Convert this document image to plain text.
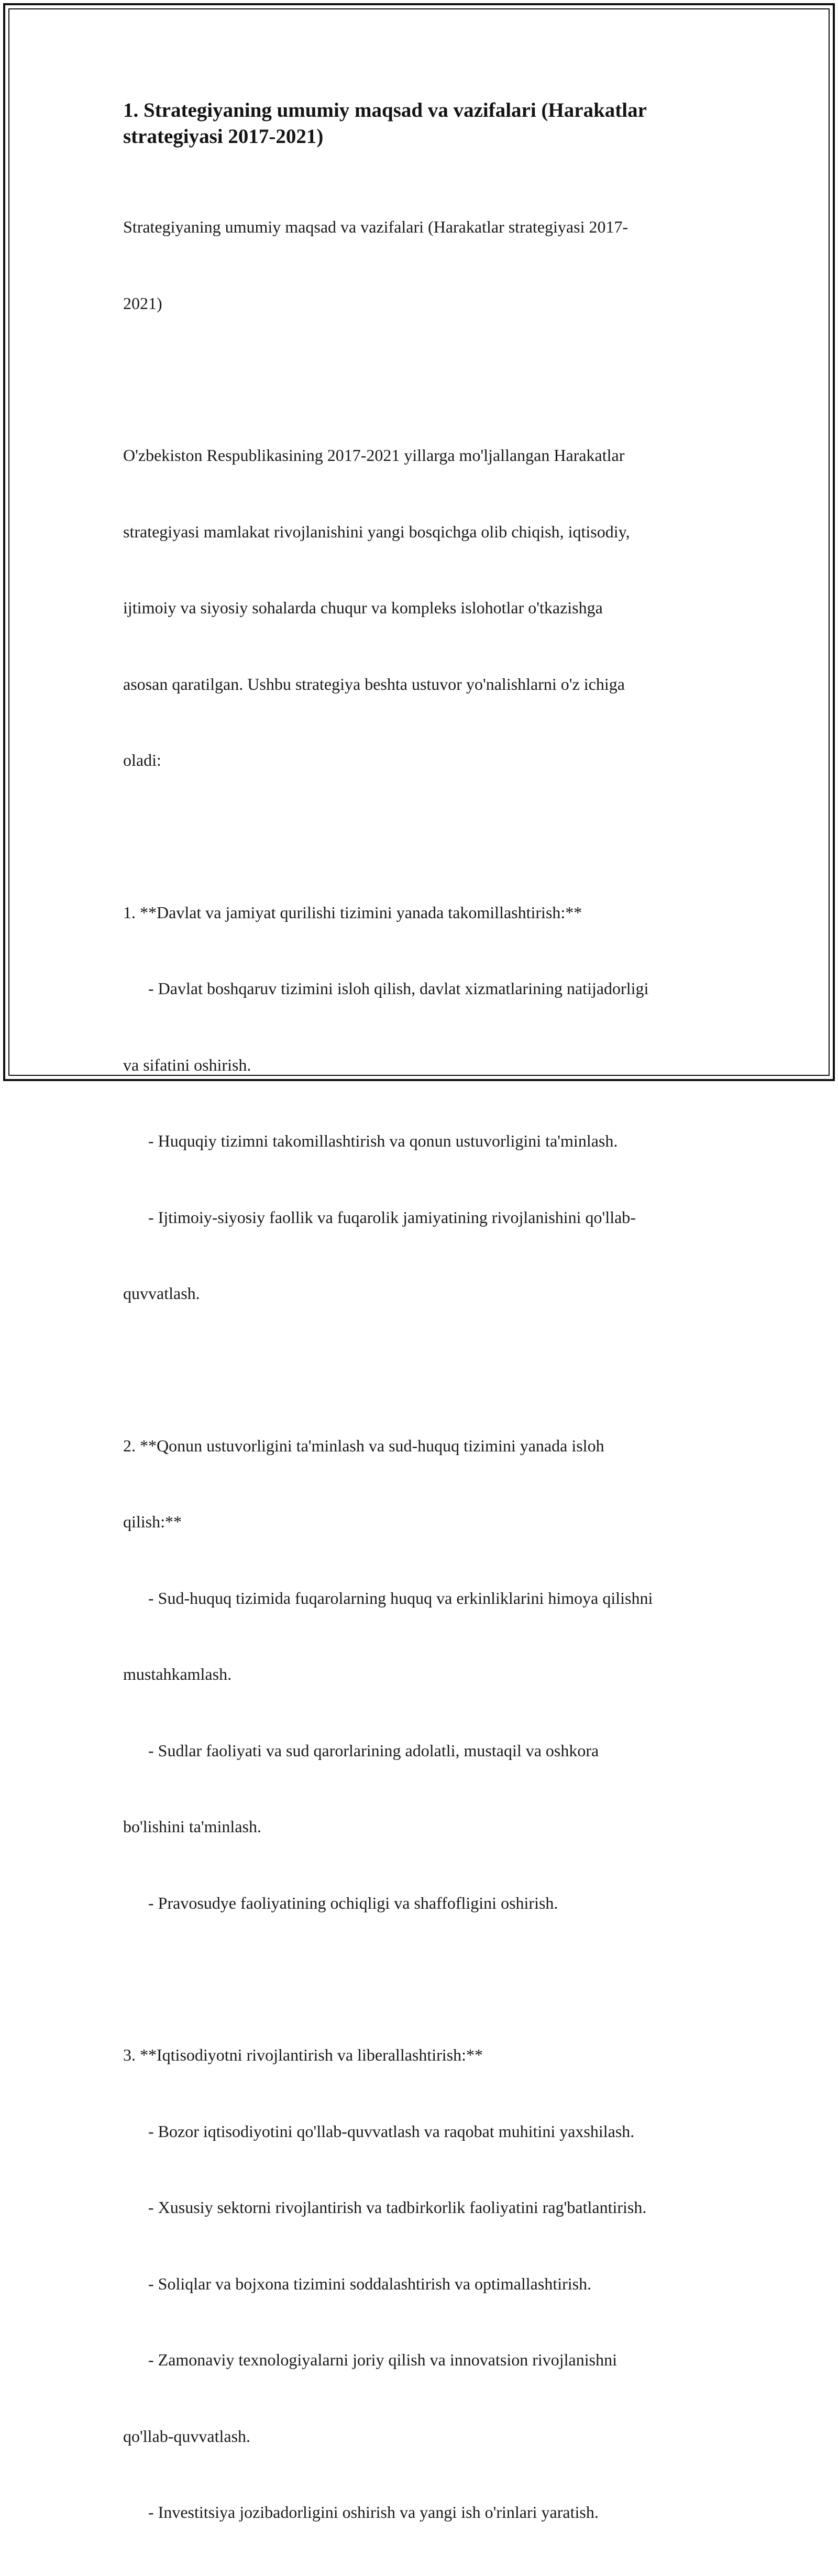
1. Strategiyaning umumiy maqsad va vazifalari (Harakatlar strategiyasi 2017-2021)

Strategiyaning umumiy maqsad va vazifalari (Harakatlar strategiyasi 2017-

2021)

O'zbekiston Respublikasining 2017-2021 yillarga mo'ljallangan Harakatlar

strategiyasi mamlakat rivojlanishini yangi bosqichga olib chiqish, iqtisodiy,

ijtimoiy va siyosiy sohalarda chuqur va kompleks islohotlar o'tkazishga

asosan qaratilgan. Ushbu strategiya beshta ustuvor yo'nalishlarni o'z ichiga

oladi:

1. **Davlat va jamiyat qurilishi tizimini yanada takomillashtirish:**

- Davlat boshqaruv tizimini isloh qilish, davlat xizmatlarining natijadorligi

va sifatini oshirish.

- Huquqiy tizimni takomillashtirish va qonun ustuvorligini ta'minlash.

- Ijtimoiy-siyosiy faollik va fuqarolik jamiyatining rivojlanishini qo'llab-

quvvatlash.

2. **Qonun ustuvorligini ta'minlash va sud-huquq tizimini yanada isloh

qilish:**

- Sud-huquq tizimida fuqarolarning huquq va erkinliklarini himoya qilishni

mustahkamlash.

- Sudlar faoliyati va sud qarorlarining adolatli, mustaqil va oshkora

bo'lishini ta'minlash.

- Pravosudye faoliyatining ochiqligi va shaffofligini oshirish.

3. **Iqtisodiyotni rivojlantirish va liberallashtirish:**

- Bozor iqtisodiyotini qo'llab-quvvatlash va raqobat muhitini yaxshilash.

- Xususiy sektorni rivojlantirish va tadbirkorlik faoliyatini rag'batlantirish.

- Soliqlar va bojxona tizimini soddalashtirish va optimallashtirish.

- Zamonaviy texnologiyalarni joriy qilish va innovatsion rivojlanishni

qo'llab-quvvatlash.

- Investitsiya jozibadorligini oshirish va yangi ish o'rinlari yaratish.
